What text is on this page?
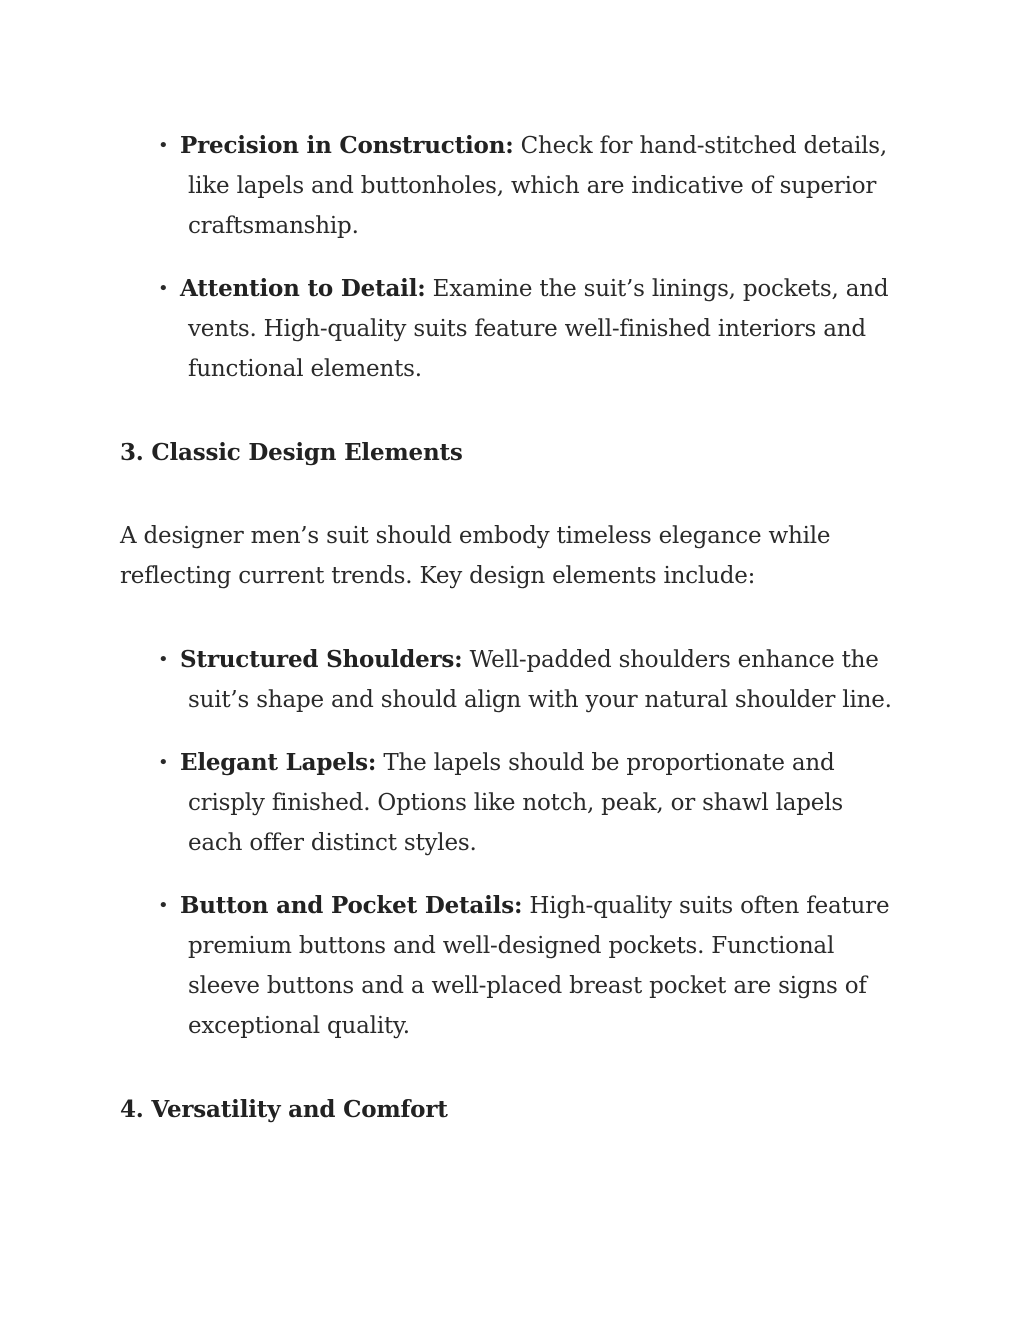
• Precision in Construction: Check for hand-stitched details, like lapels and buttonholes, which are indicative of superior craftsmanship.
• Attention to Detail: Examine the suit’s linings, pockets, and vents. High-quality suits feature well-finished interiors and functional elements.
3. Classic Design Elements
A designer men’s suit should embody timeless elegance while reflecting current trends. Key design elements include:
• Structured Shoulders: Well-padded shoulders enhance the suit’s shape and should align with your natural shoulder line.
• Elegant Lapels: The lapels should be proportionate and crisply finished. Options like notch, peak, or shawl lapels each offer distinct styles.
• Button and Pocket Details: High-quality suits often feature premium buttons and well-designed pockets. Functional sleeve buttons and a well-placed breast pocket are signs of exceptional quality.
4. Versatility and Comfort
